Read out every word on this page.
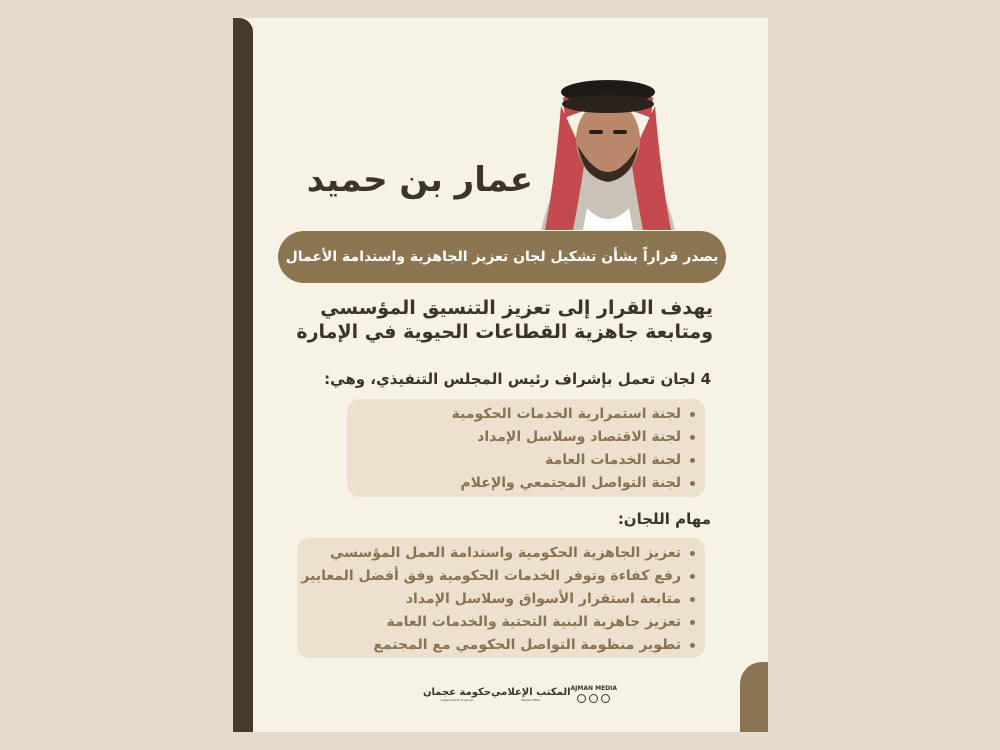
عمار بن حميد
يصدر قراراً بشأن تشكيل لجان تعزيز الجاهزية واستدامة الأعمال
يهدف القرار إلى تعزيز التنسيق المؤسسي
ومتابعة جاهزية القطاعات الحيوية في الإمارة
4 لجان تعمل بإشراف رئيس المجلس التنفيذي، وهي:
لجنة استمرارية الخدمات الحكومية
لجنة الاقتصاد وسلاسل الإمداد
لجنة الخدمات العامة
لجنة التواصل المجتمعي والإعلام
مهام اللجان:
تعزيز الجاهزية الحكومية واستدامة العمل المؤسسي
رفع كفاءة وتوفر الخدمات الحكومية وفق أفضل المعايير
متابعة استقرار الأسواق وسلاسل الإمداد
تعزيز جاهزية البنية التحتية والخدمات العامة
تطوير منظومة التواصل الحكومي مع المجتمع
حكومة عجمان
Government of Ajman
المكتب الإعلامي
Media Office
AJMAN MEDIA
